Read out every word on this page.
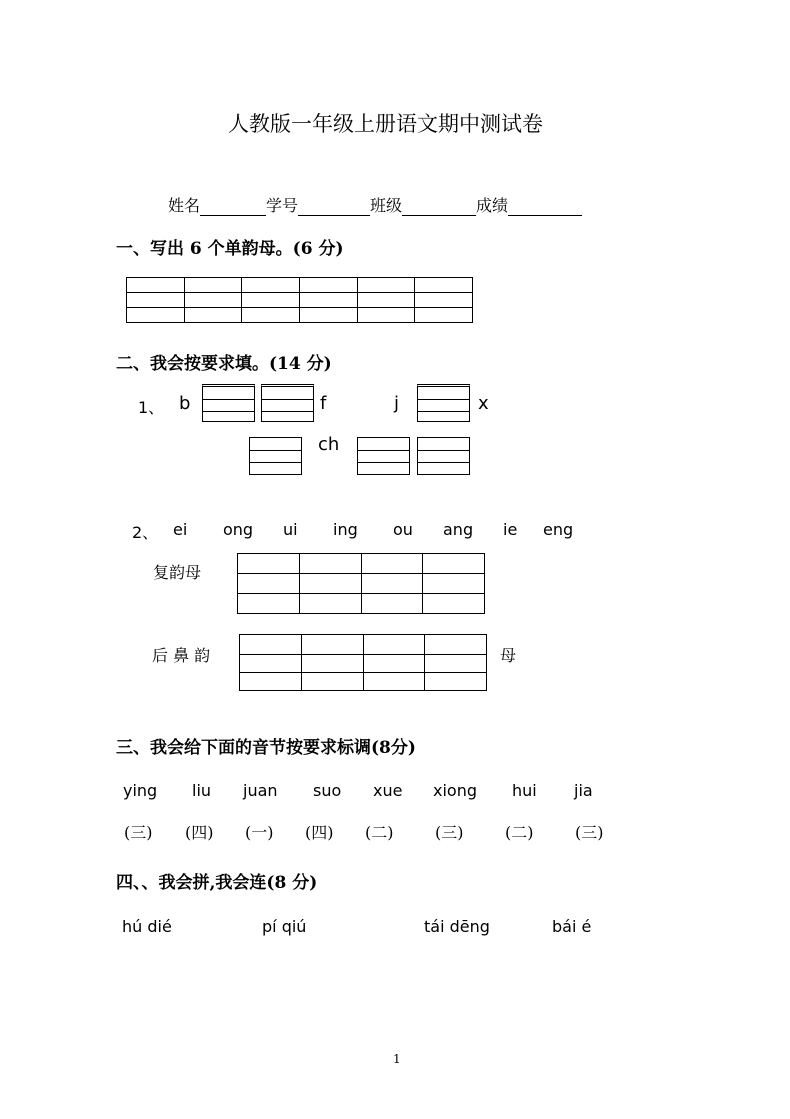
人教版一年级上册语文期中测试卷
姓名	学号	班级	成绩
一、写出 6 个单韵母。(6 分)

二、我会按要求填。(14 分)
1、 b	f	j	x
ch
2、 ei ong ui ing ou ang ie eng
复韵母

后 鼻 韵

				母
三、我会给下面的音节按要求标调(8分)
ying liu juan suo xue xiong hui jia
(三) (四) (一) (四) (二)	(三)	(二)	(三)
四、、我会拼,我会连(8 分)
hú dié	pí qiú	tái dēng	bái é
1
